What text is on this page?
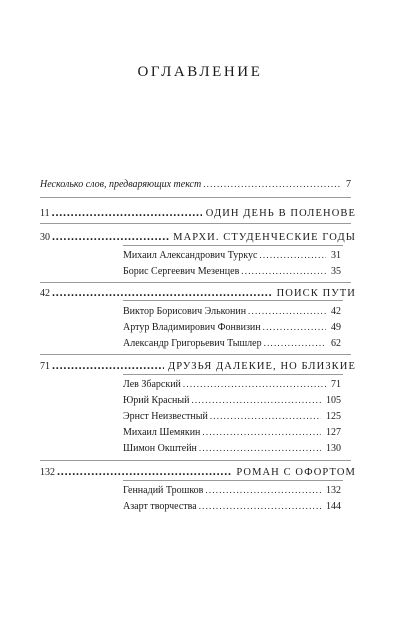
ОГЛАВЛЕНИЕ
Несколько слов, предваряющих текст .....	7
11 .....	ОДИН ДЕНЬ В ПОЛЕНОВЕ
30 .....	МАРХИ. СТУДЕНЧЕСКИЕ ГОДЫ
Михаил Александрович Туркус .....	31
Борис Сергеевич Мезенцев .....	35
42 .....	ПОИСК ПУТИ
Виктор Борисович Эльконин .....	42
Артур Владимирович Фонвизин .....	49
Александр Григорьевич Тышлер .....	62
71 .....	ДРУЗЬЯ ДАЛЕКИЕ, НО БЛИЗКИЕ
Лев Збарский .....	71
Юрий Красный .....	105
Эрнст Неизвестный .....	125
Михаил Шемякин .....	127
Шимон Окштейн .....	130
132 .....	РОМАН С ОФОРТОМ
Геннадий Трошков .....	132
Азарт творчества .....	144
